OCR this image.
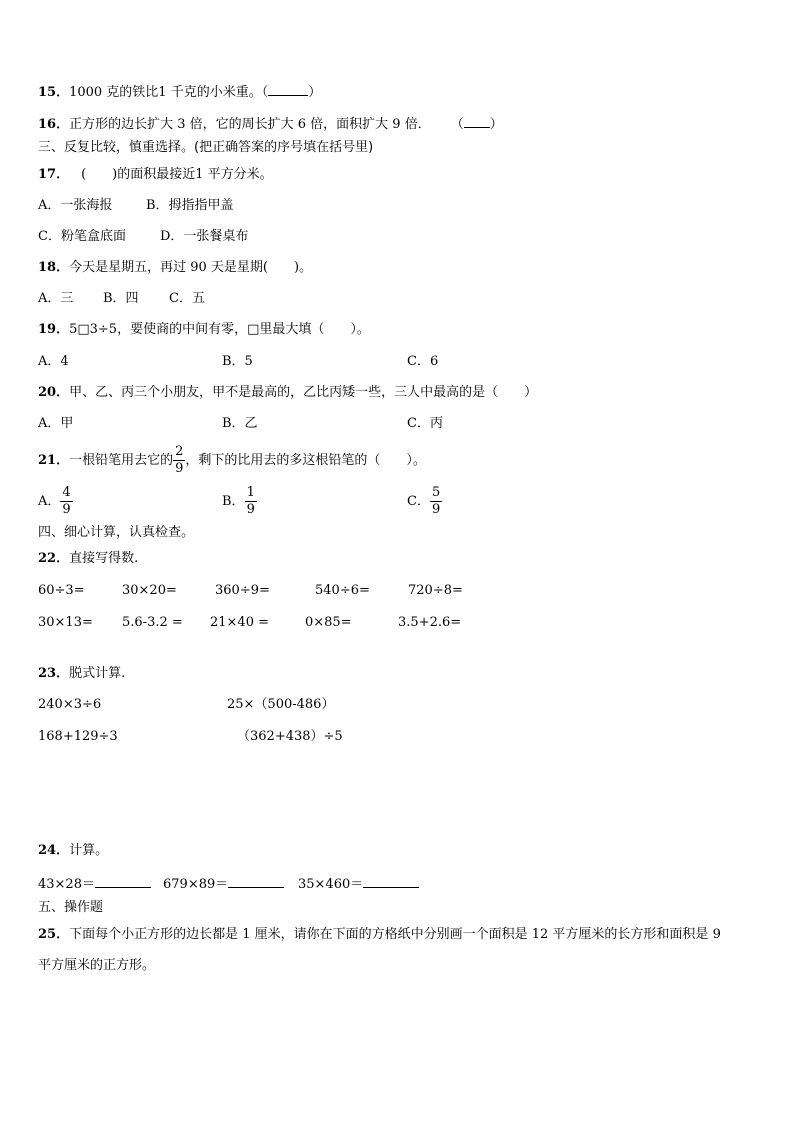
15．1000 克的铁比1 千克的小米重。（	）
16．正方形的边长扩大 3 倍，它的周长扩大 6 倍，面积扩大 9 倍． （ ）
三、反复比较，慎重选择。(把正确答案的序号填在括号里)
17． (　　)的面积最接近1 平方分米。
A．一张海报	B．拇指指甲盖
C．粉笔盒底面	D．一张餐桌布
18．今天是星期五，再过 90 天是星期(　　)。
A．三 B．四 C．五
19．5□3÷5，要使商的中间有零，□里最大填（　　）。
A．4	B．5	C．6
20．甲、乙、丙三个小朋友，甲不是最高的，乙比丙矮一些，三人中最高的是（　　）
A．甲	B．乙	C．丙
21．一根铅笔用去它的 $\frac{2}{9}$ ，剩下的比用去的多这根铅笔的（　　）。
A． $\frac{4}{9}$	B． $\frac{1}{9}$	C． $\frac{5}{9}$
四、细心计算，认真检查。
22．直接写得数.
60÷3=	30×20=	360÷9=	540÷6=	720÷8=
30×13= 5.6-3.2 = 21×40 =	0×85=	3.5+2.6=
23．脱式计算.
240×3÷6	25×（500-486）
168+129÷3	（362+438）÷5
24．计算。
43×28＝	679×89＝	35×460＝
五、操作题
25．下面每个小正方形的边长都是 1 厘米，请你在下面的方格纸中分别画一个面积是 12 平方厘米的长方形和面积是 9
平方厘米的正方形。
